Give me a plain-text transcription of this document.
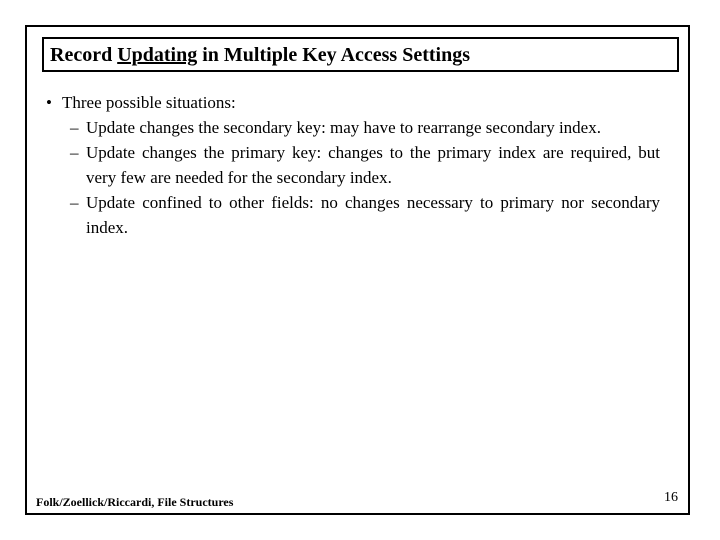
Record Updating in Multiple Key Access Settings
• Three possible situations:
– Update changes the secondary key: may have to rearrange secondary index.
– Update changes the primary key: changes to the primary index are required, but very few are needed for the secondary index.
– Update confined to other fields: no changes necessary to primary nor secondary index.
Folk/Zoellick/Riccardi, File Structures	16
